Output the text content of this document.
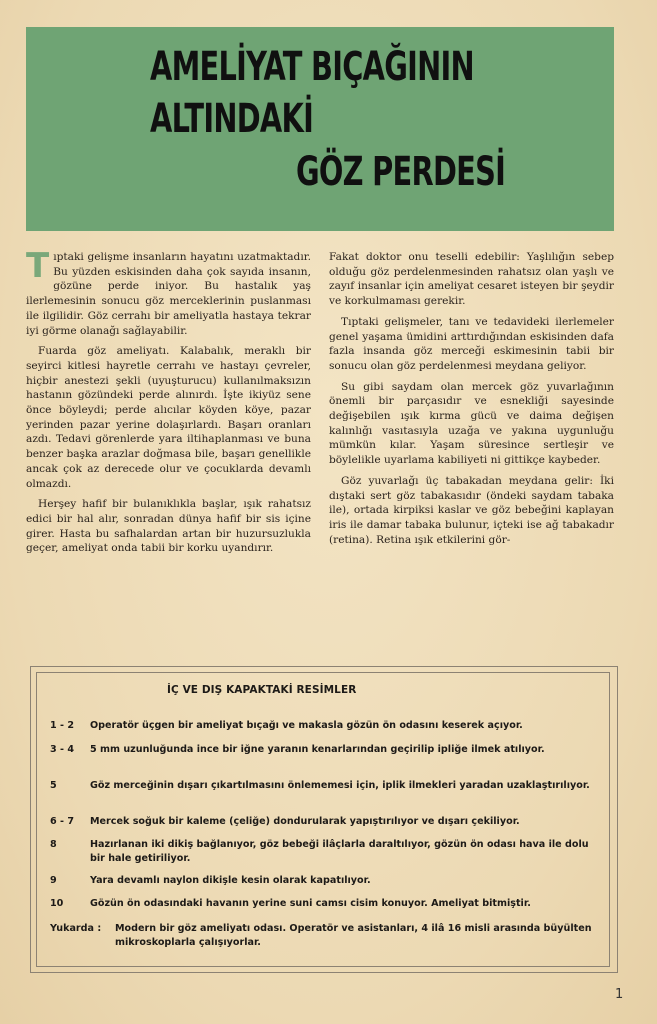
AMELİYAT BIÇAĞININ
ALTINDAKİ
GÖZ PERDESİ

Tıptaki gelişme insanların hayatını uzatmaktadır. Bu yüzden eskisinden daha çok sayıda insanın, gözüne perde iniyor. Bu hastalık yaş ilerlemesinin sonucu göz merceklerinin puslanması ile ilgilidir. Göz cerrahı bir ameliyatla hastaya tekrar iyi görme olanağı sağlayabilir.

Fuarda göz ameliyatı. Kalabalık, meraklı bir seyirci kitlesi hayretle cerrahı ve hastayı çevreler, hiçbir anestezi şekli (uyuşturucu) kullanılmaksızın hastanın gözündeki perde alınırdı. İşte ikiyüz sene önce böyleydi; perde alıcılar köyden köye, pazar yerinden pazar yerine dolaşırlardı. Başarı oranları azdı. Tedavi görenlerde yara iltihaplanması ve buna benzer başka arazlar doğmasa bile, başarı genellikle ancak çok az derecede olur ve çocuklarda devamlı olmazdı.

Herşey hafif bir bulanıklıkla başlar, ışık rahatsız edici bir hal alır, sonradan dünya hafif bir sis içine girer. Hasta bu safhalardan artan bir huzursuzlukla geçer, ameliyat onda tabii bir korku uyandırır.

Fakat doktor onu teselli edebilir: Yaşlılığın sebep olduğu göz perdelenmesinden rahatsız olan yaşlı ve zayıf insanlar için ameliyat cesaret isteyen bir şeydir ve korkulmaması gerekir.

Tıptaki gelişmeler, tanı ve tedavideki ilerlemeler genel yaşama ümidini arttırdığından eskisinden dafa fazla insanda göz merceği eskimesinin tabii bir sonucu olan göz perdelenmesi meydana geliyor.

Su gibi saydam olan mercek göz yuvarlağının önemli bir parçasıdır ve esnekliği sayesinde değişebilen ışık kırma gücü ve daima değişen kalınlığı vasıtasıyla uzağa ve yakına uygunluğu mümkün kılar. Yaşam süresince sertleşir ve böylelikle uyarlama kabiliyeti ni gittikçe kaybeder.

Göz yuvarlağı üç tabakadan meydana gelir: İki dıştaki sert göz tabakasıdır (öndeki saydam tabaka ile), ortada kirpiksi kaslar ve göz bebeğini kaplayan iris ile damar tabaka bulunur, içteki ise ağ tabakadır (retina). Retina ışık etkilerini gör-

İÇ VE DIŞ KAPAKTAKİ RESİMLER
1 - 2	Operatör üçgen bir ameliyat bıçağı ve makasla gözün ön odasını keserek açıyor.
3 - 4	5 mm uzunluğunda ince bir iğne yaranın kenarlarından geçirilip ipliğe ilmek atılıyor.
5	Göz merceğinin dışarı çıkartılmasını önlememesi için, iplik ilmekleri yaradan uzaklaştırılıyor.
6 - 7	Mercek soğuk bir kaleme (çeliğe) dondurularak yapıştırılıyor ve dışarı çekiliyor.
8	Hazırlanan iki dikiş bağlanıyor, göz bebeği ilâçlarla daraltılıyor, gözün ön odası hava ile dolu bir hale getiriliyor.
9	Yara devamlı naylon dikişle kesin olarak kapatılıyor.
10	Gözün ön odasındaki havanın yerine suni camsı cisim konuyor. Ameliyat bitmiştir.
Yukarda :	Modern bir göz ameliyatı odası. Operatör ve asistanları, 4 ilâ 16 misli arasında büyülten mikroskoplarla çalışıyorlar.
1
